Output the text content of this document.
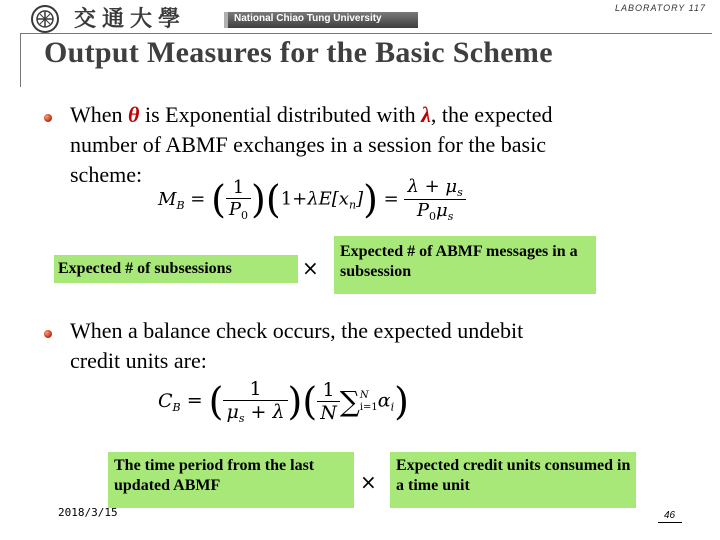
交通大學	National Chiao Tung University
LABORATORY 117
Output Measures for the Basic Scheme
When θ is Exponential distributed with λ, the expected
number of ABMF exchanges in a session for the basic
scheme:
$M_B$ = ( $\frac{1}{P_0} )(1+\lambda E[x_n]) = \frac{\lambda + \mu_s}{P_0\mu_s}$
Expected # of subsessions	×
Expected # of ABMF messages in a subsession
When a balance check occurs, the expected undebit
credit units are:
$C_B$ = ( $\frac{1}{\mu_s + \lambda}$ )( $\frac{1}{N}$ ∑ N
i=1 $\alpha_i$)
The time period from the last updated ABMF	×
Expected credit units consumed in a time unit
2018/3/15	46
